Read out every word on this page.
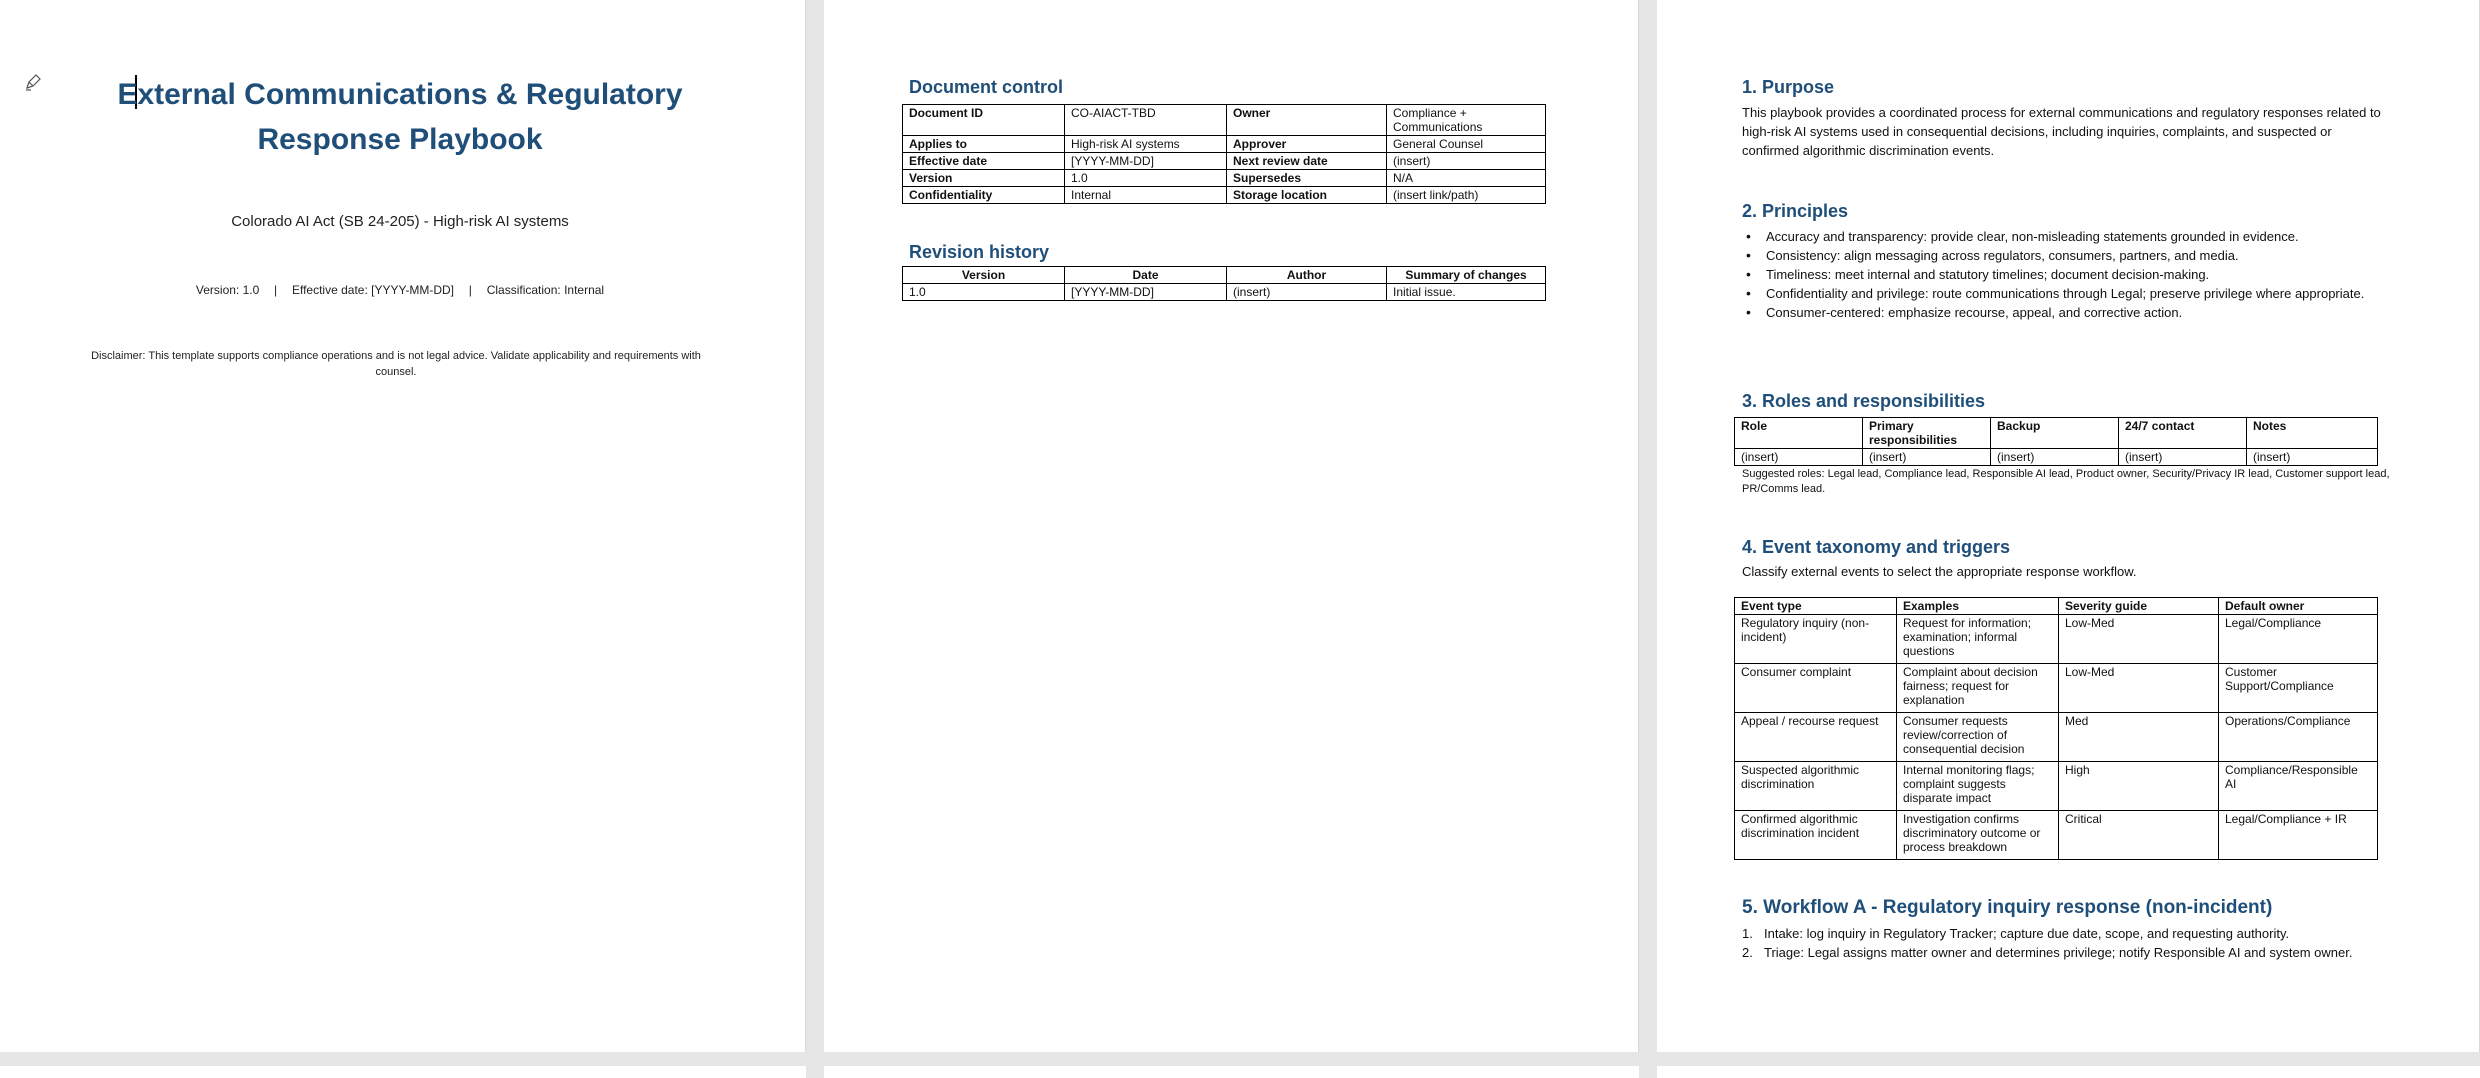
External Communications & Regulatory
Response Playbook
Colorado AI Act (SB 24-205) - High-risk AI systems
Version: 1.0 | Effective date: [YYYY-MM-DD] | Classification: Internal
Disclaimer: This template supports compliance operations and is not legal advice. Validate applicability and requirements with counsel.
Document control
Document ID	CO-AIACT-TBD	Owner	Compliance + Communications
Applies to	High-risk AI systems	Approver	General Counsel
Effective date	[YYYY-MM-DD]	Next review date	(insert)
Version	1.0	Supersedes	N/A
Confidentiality	Internal	Storage location	(insert link/path)
Revision history
Version	Date	Author	Summary of changes
1.0	[YYYY-MM-DD]	(insert)	Initial issue.
1. Purpose
This playbook provides a coordinated process for external communications and regulatory responses related to high-risk AI systems used in consequential decisions, including inquiries, complaints, and suspected or confirmed algorithmic discrimination events.
2. Principles
• Accuracy and transparency: provide clear, non-misleading statements grounded in evidence.
• Consistency: align messaging across regulators, consumers, partners, and media.
• Timeliness: meet internal and statutory timelines; document decision-making.
• Confidentiality and privilege: route communications through Legal; preserve privilege where appropriate.
• Consumer-centered: emphasize recourse, appeal, and corrective action.
3. Roles and responsibilities
Role	Primary responsibilities	Backup	24/7 contact	Notes
(insert)	(insert)	(insert)	(insert)	(insert)
Suggested roles: Legal lead, Compliance lead, Responsible AI lead, Product owner, Security/Privacy IR lead, Customer support lead, PR/Comms lead.
4. Event taxonomy and triggers
Classify external events to select the appropriate response workflow.
Event type	Examples	Severity guide	Default owner
Regulatory inquiry (non-incident)	Request for information; examination; informal questions	Low-Med	Legal/Compliance
Consumer complaint	Complaint about decision fairness; request for explanation	Low-Med	Customer Support/Compliance
Appeal / recourse request	Consumer requests review/correction of consequential decision	Med	Operations/Compliance
Suspected algorithmic discrimination	Internal monitoring flags; complaint suggests disparate impact	High	Compliance/Responsible AI
Confirmed algorithmic discrimination incident	Investigation confirms discriminatory outcome or process breakdown	Critical	Legal/Compliance + IR
5. Workflow A - Regulatory inquiry response (non-incident)
1. Intake: log inquiry in Regulatory Tracker; capture due date, scope, and requesting authority.
2. Triage: Legal assigns matter owner and determines privilege; notify Responsible AI and system owner.
